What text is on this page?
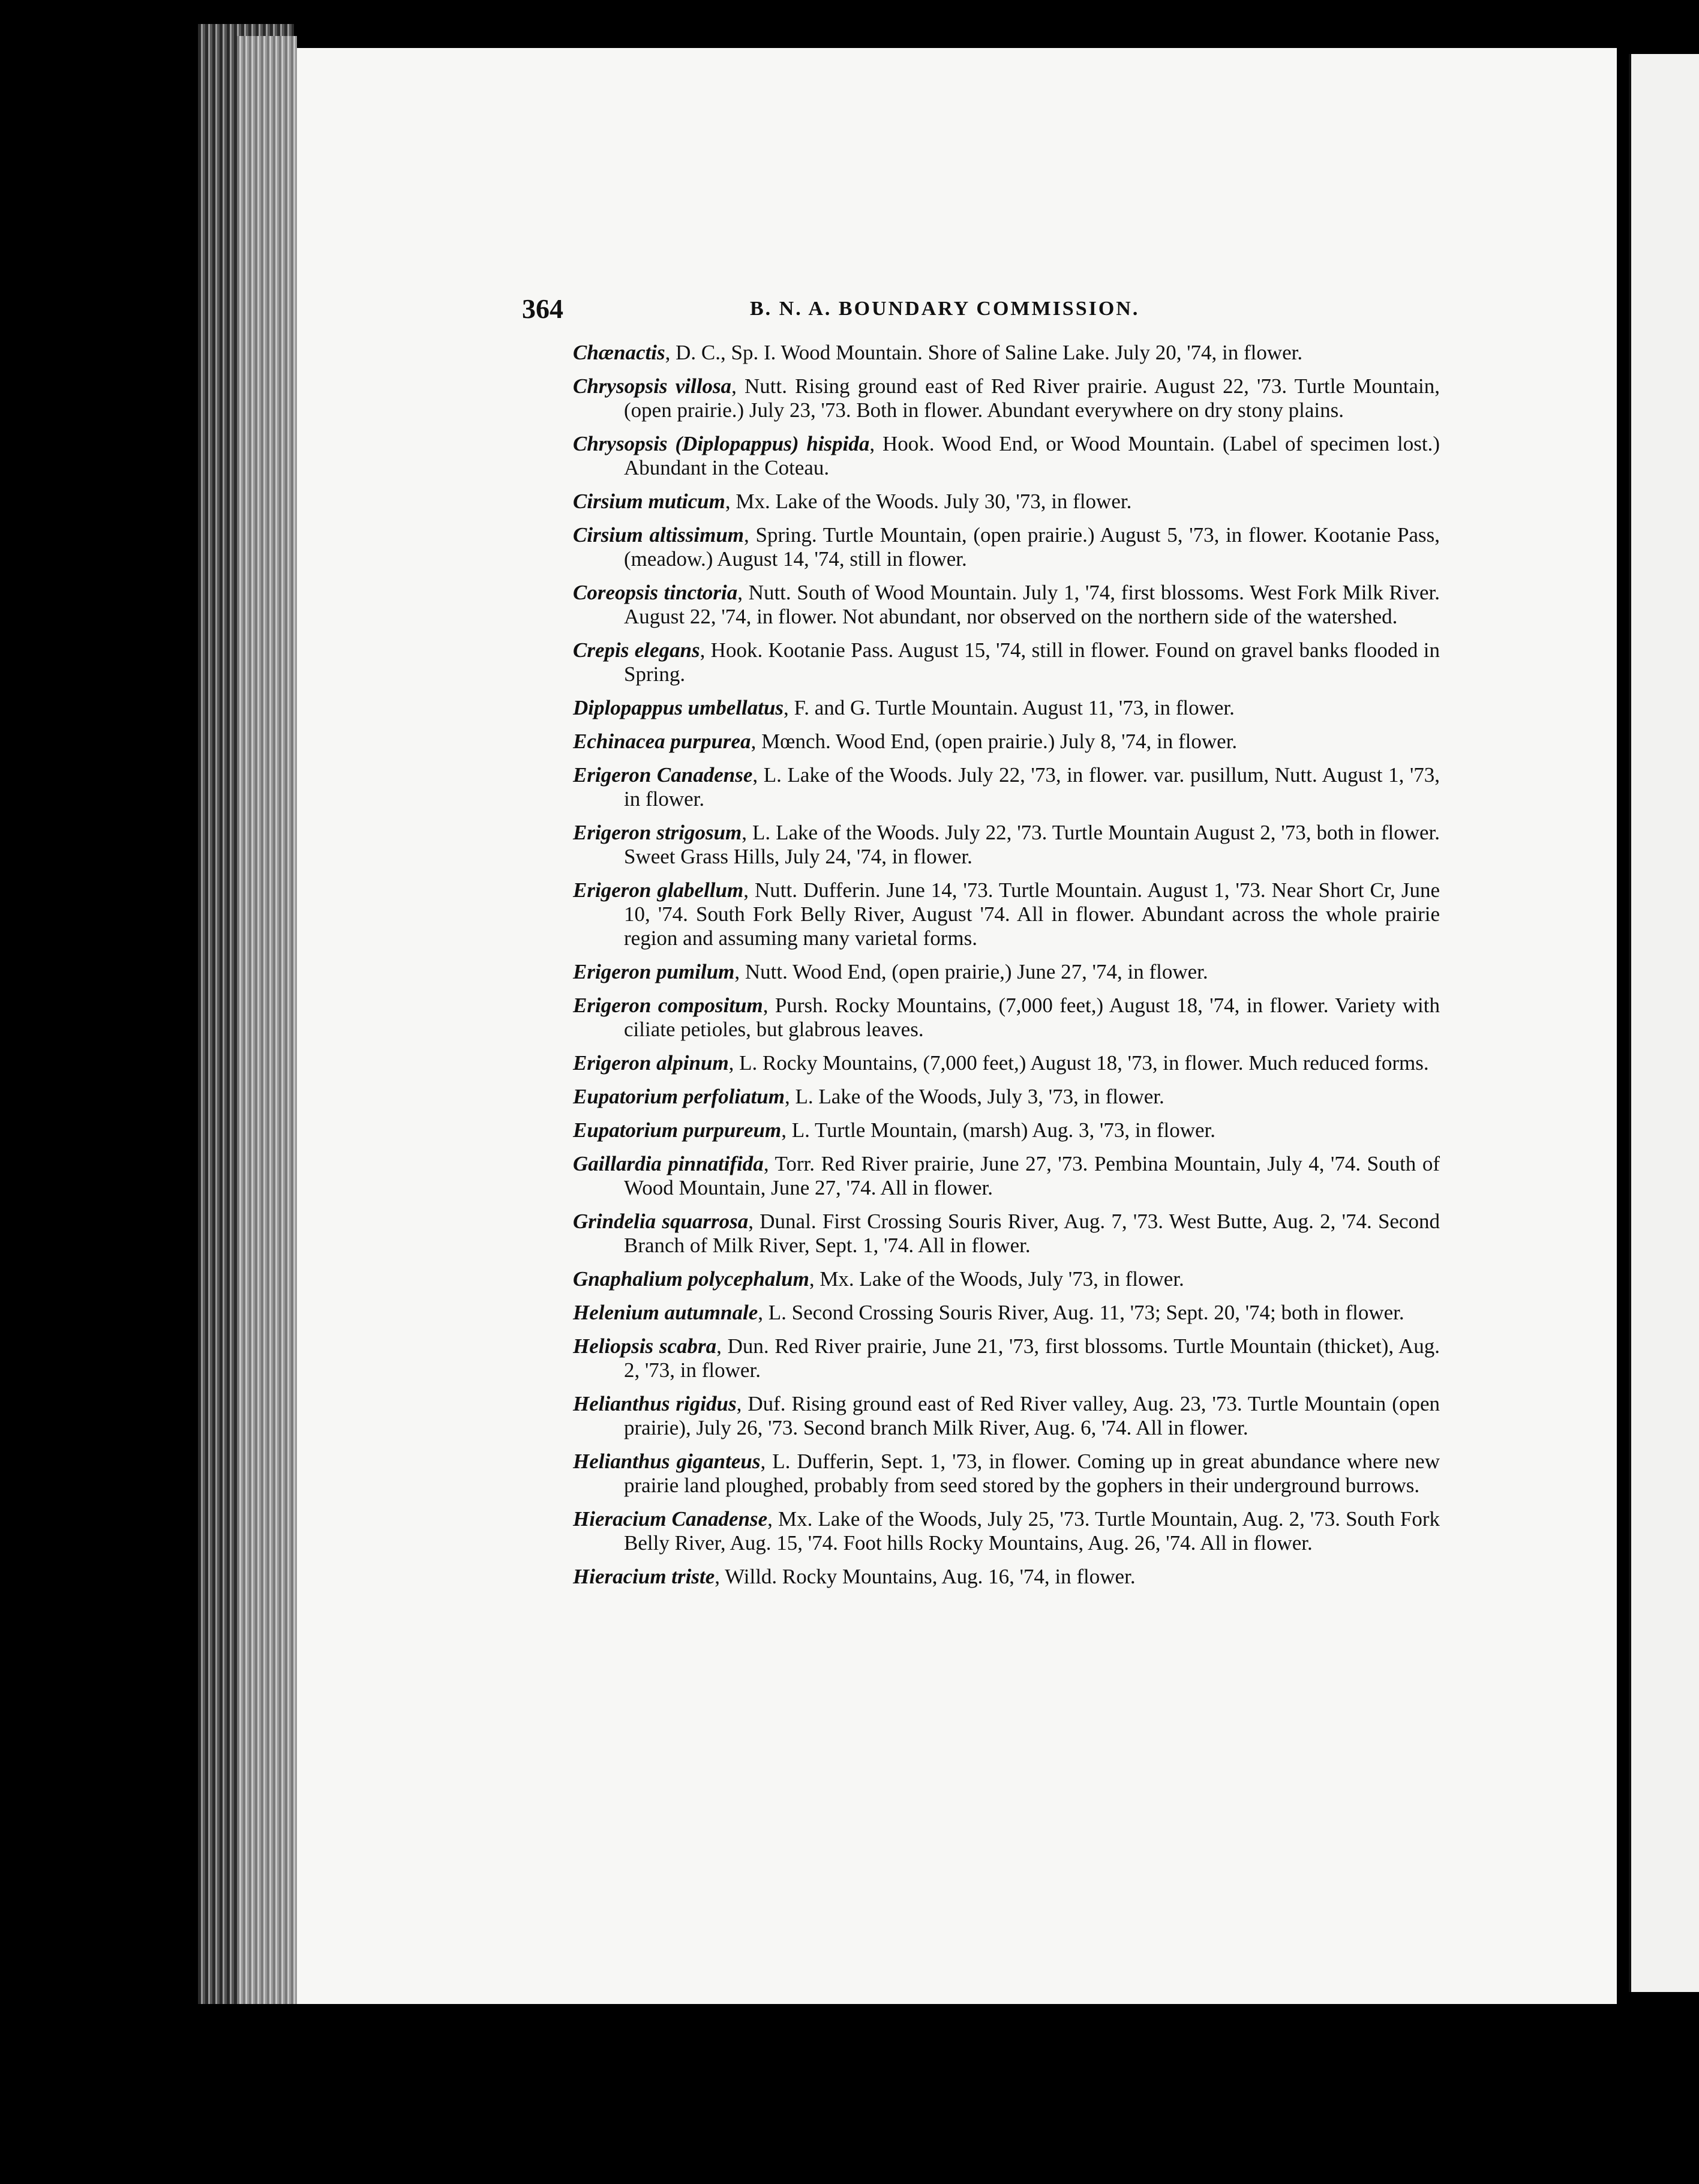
364	B. N. A. BOUNDARY COMMISSION.

Chænactis, D. C., Sp. I. Wood Mountain. Shore of Saline Lake. July 20, '74, in flower.

Chrysopsis villosa, Nutt. Rising ground east of Red River prairie. August 22, '73. Turtle Mountain, (open prairie.) July 23, '73. Both in flower. Abundant everywhere on dry stony plains.

Chrysopsis (Diplopappus) hispida, Hook. Wood End, or Wood Mountain. (Label of specimen lost.) Abundant in the Coteau.

Cirsium muticum, Mx. Lake of the Woods. July 30, '73, in flower.

Cirsium altissimum, Spring. Turtle Mountain, (open prairie.) August 5, '73, in flower. Kootanie Pass, (meadow.) August 14, '74, still in flower.

Coreopsis tinctoria, Nutt. South of Wood Mountain. July 1, '74, first blossoms. West Fork Milk River. August 22, '74, in flower. Not abundant, nor observed on the northern side of the watershed.

Crepis elegans, Hook. Kootanie Pass. August 15, '74, still in flower. Found on gravel banks flooded in Spring.

Diplopappus umbellatus, F. and G. Turtle Mountain. August 11, '73, in flower.

Echinacea purpurea, Mœnch. Wood End, (open prairie.) July 8, '74, in flower.

Erigeron Canadense, L. Lake of the Woods. July 22, '73, in flower. var. pusillum, Nutt. August 1, '73, in flower.

Erigeron strigosum, L. Lake of the Woods. July 22, '73. Turtle Mountain August 2, '73, both in flower. Sweet Grass Hills, July 24, '74, in flower.

Erigeron glabellum, Nutt. Dufferin. June 14, '73. Turtle Mountain. August 1, '73. Near Short Cr, June 10, '74. South Fork Belly River, August '74. All in flower. Abundant across the whole prairie region and assuming many varietal forms.

Erigeron pumilum, Nutt. Wood End, (open prairie,) June 27, '74, in flower.

Erigeron compositum, Pursh. Rocky Mountains, (7,000 feet,) August 18, '74, in flower. Variety with ciliate petioles, but glabrous leaves.

Erigeron alpinum, L. Rocky Mountains, (7,000 feet,) August 18, '73, in flower. Much reduced forms.

Eupatorium perfoliatum, L. Lake of the Woods, July 3, '73, in flower.

Eupatorium purpureum, L. Turtle Mountain, (marsh) Aug. 3, '73, in flower.

Gaillardia pinnatifida, Torr. Red River prairie, June 27, '73. Pembina Mountain, July 4, '74. South of Wood Mountain, June 27, '74. All in flower.

Grindelia squarrosa, Dunal. First Crossing Souris River, Aug. 7, '73. West Butte, Aug. 2, '74. Second Branch of Milk River, Sept. 1, '74. All in flower.

Gnaphalium polycephalum, Mx. Lake of the Woods, July '73, in flower.

Helenium autumnale, L. Second Crossing Souris River, Aug. 11, '73; Sept. 20, '74; both in flower.

Heliopsis scabra, Dun. Red River prairie, June 21, '73, first blossoms. Turtle Mountain (thicket), Aug. 2, '73, in flower.

Helianthus rigidus, Duf. Rising ground east of Red River valley, Aug. 23, '73. Turtle Mountain (open prairie), July 26, '73. Second branch Milk River, Aug. 6, '74. All in flower.

Helianthus giganteus, L. Dufferin, Sept. 1, '73, in flower. Coming up in great abundance where new prairie land ploughed, probably from seed stored by the gophers in their underground burrows.

Hieracium Canadense, Mx. Lake of the Woods, July 25, '73. Turtle Mountain, Aug. 2, '73. South Fork Belly River, Aug. 15, '74. Foot hills Rocky Mountains, Aug. 26, '74. All in flower.

Hieracium triste, Willd. Rocky Mountains, Aug. 16, '74, in flower.
